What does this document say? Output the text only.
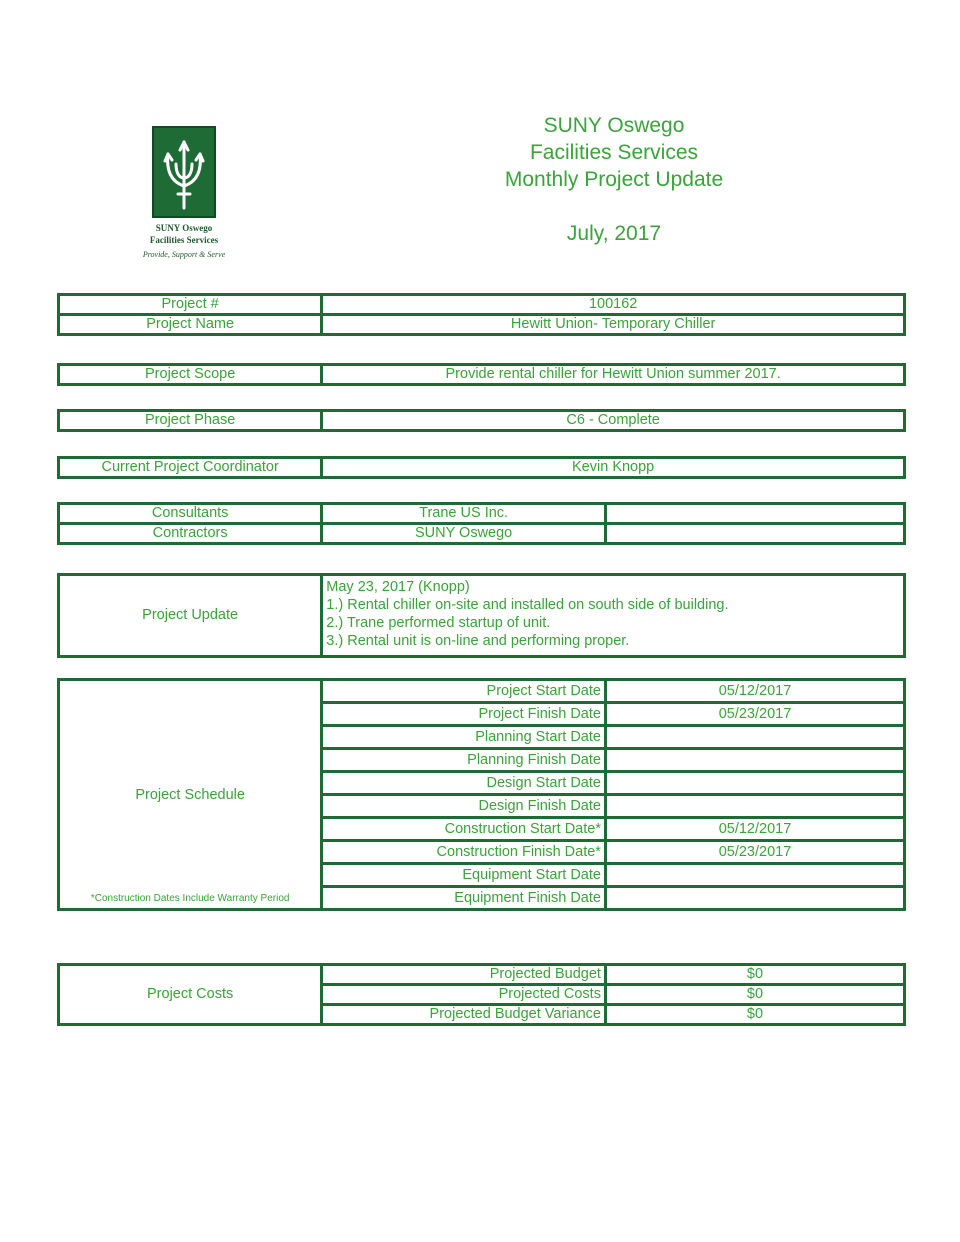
SUNY Oswego
Facilities Services
Provide, Support & Serve
SUNY Oswego
Facilities Services
Monthly Project Update
July, 2017
Project #	100162
Project Name	Hewitt Union- Temporary Chiller
Project Scope	Provide rental chiller for Hewitt Union summer 2017.
Project Phase	C6 - Complete
Current Project Coordinator	Kevin Knopp
Consultants	Trane US Inc.	
Contractors	SUNY Oswego	
Project Update	
May 23, 2017 (Knopp)
1.) Rental chiller on-site and installed on south side of building.
2.) Trane performed startup of unit.
3.) Rental unit is on-line and performing proper.
Project Schedule
*Construction Dates Include Warranty Period	Project Start Date	05/12/2017
	Project Finish Date	05/23/2017
	Planning Start Date	
	Planning Finish Date	
	Design Start Date	
	Design Finish Date	
	Construction Start Date*	05/12/2017
	Construction Finish Date*	05/23/2017
	Equipment Start Date	
	Equipment Finish Date	
Project Costs	Projected Budget	$0
	Projected Costs	$0
	Projected Budget Variance	$0
